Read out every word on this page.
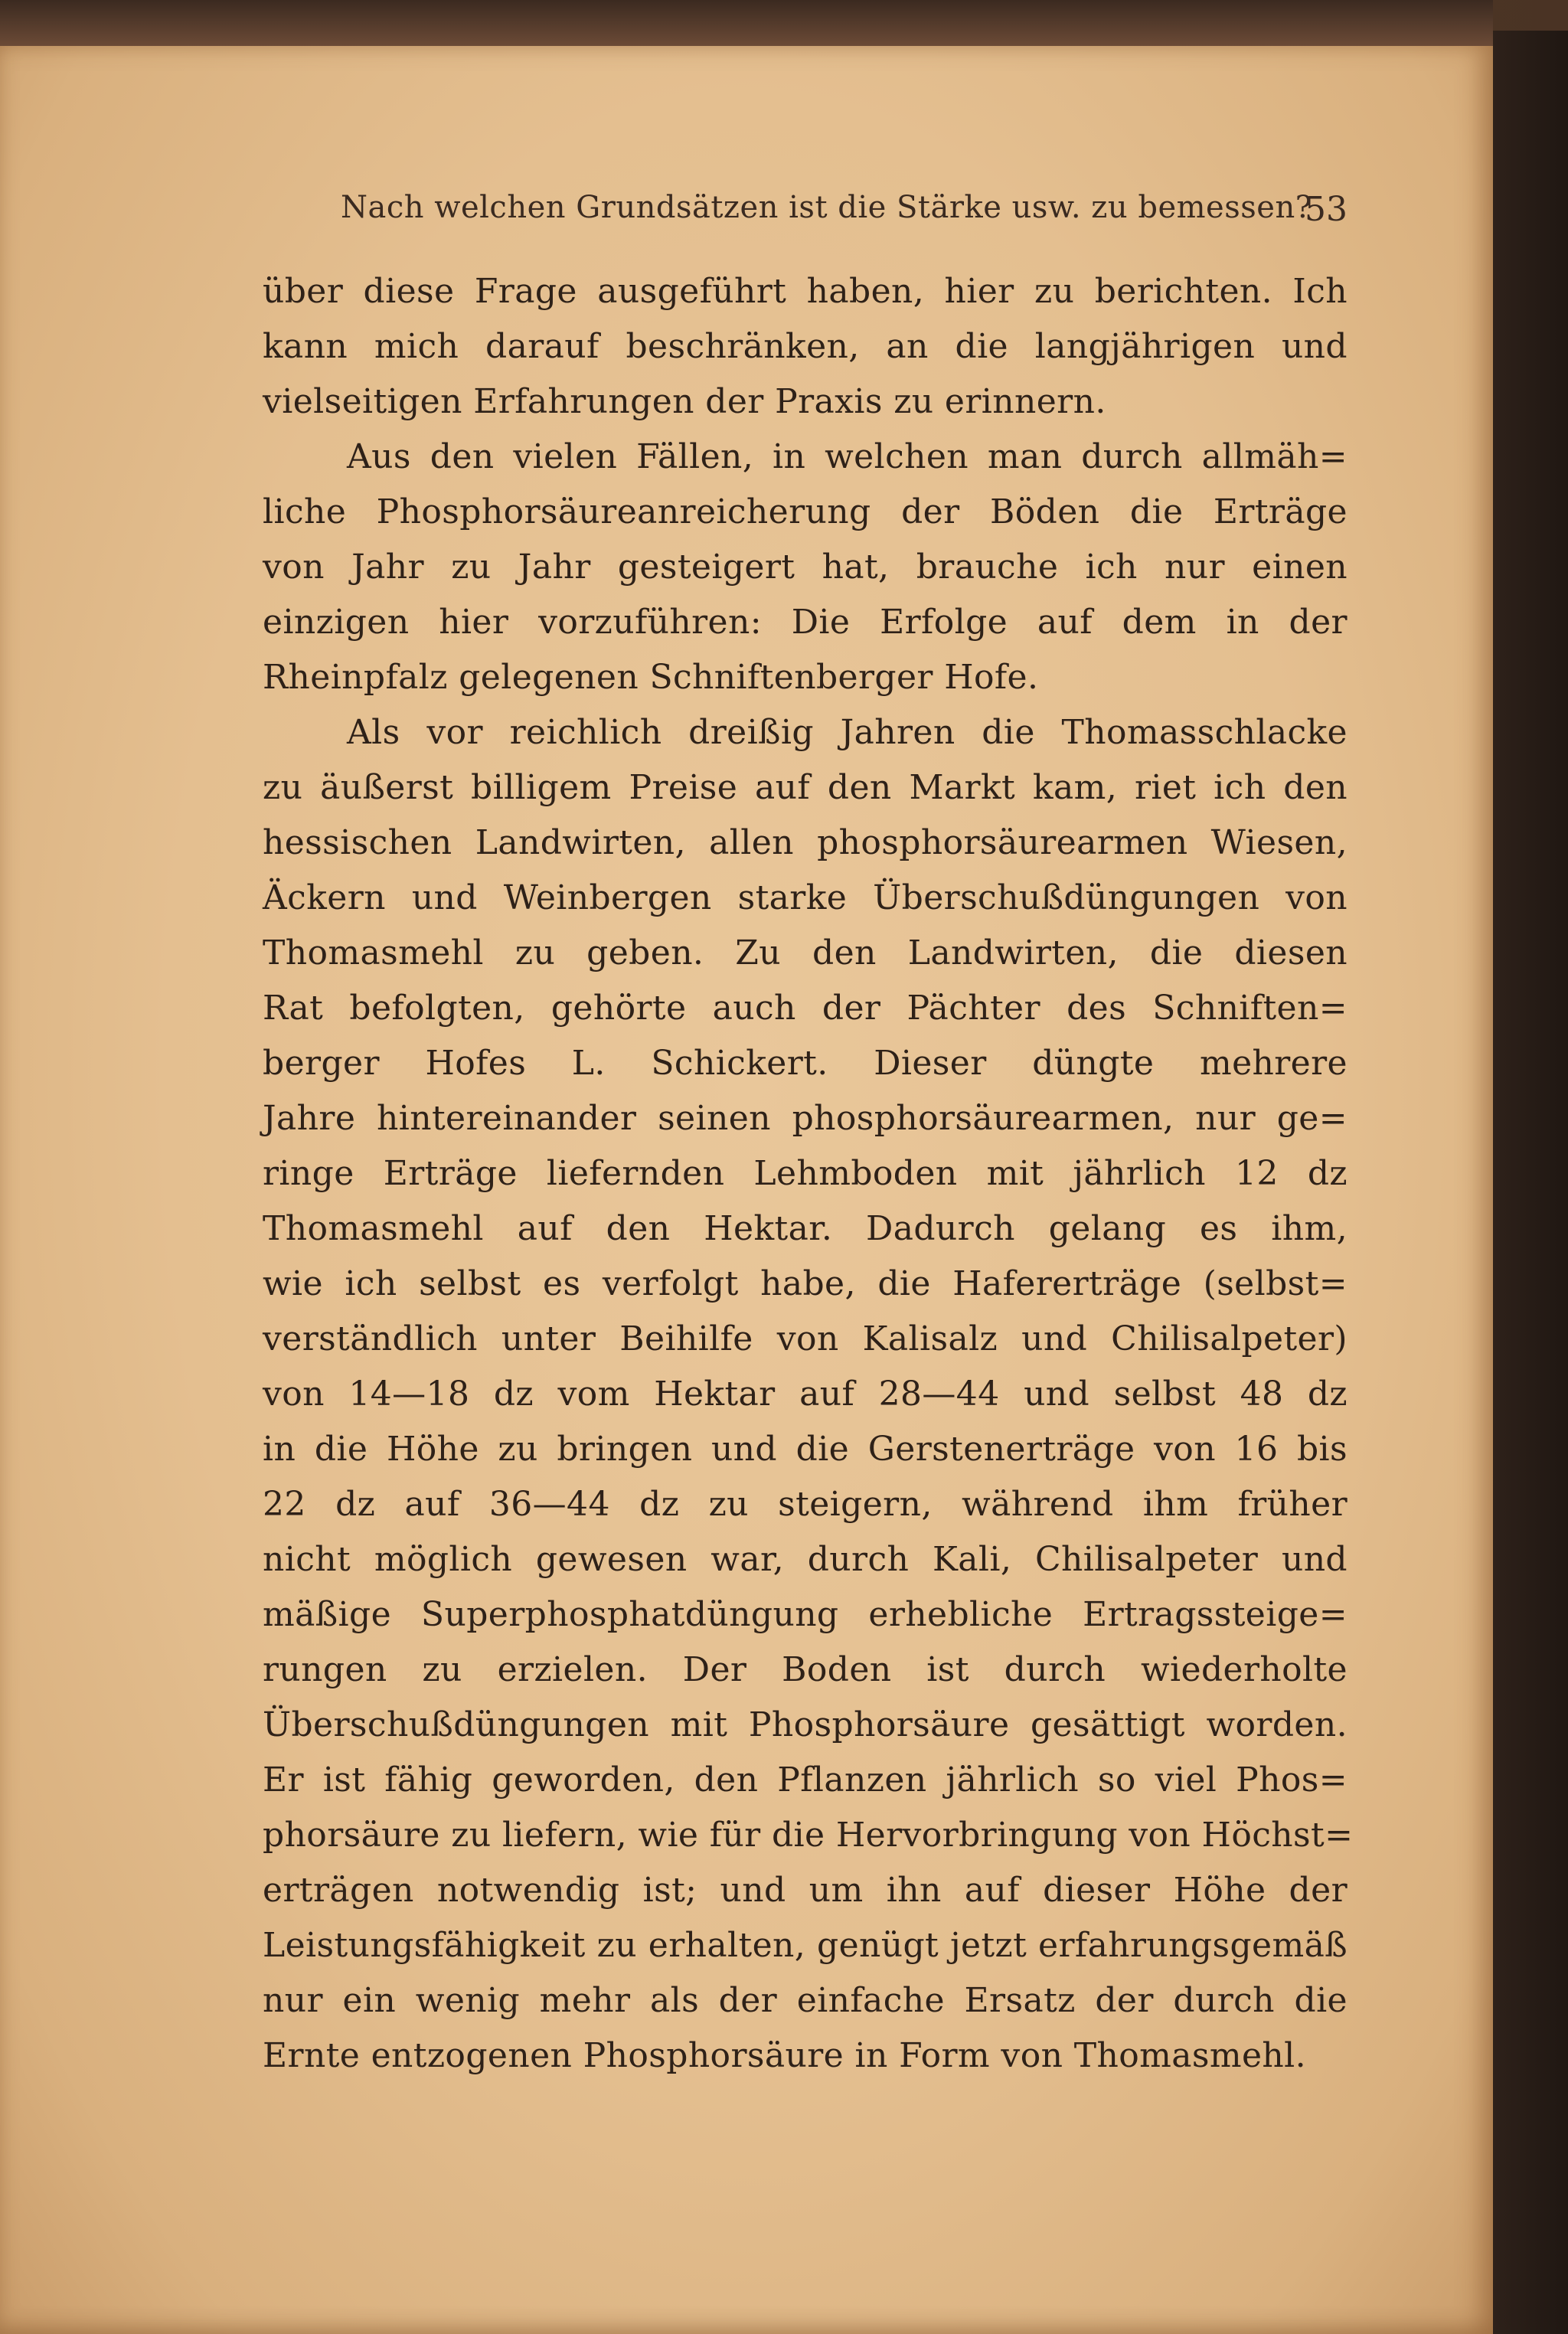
Nach welchen Grundsätzen ist die Stärke usw. zu bemessen?
53
über diese Frage ausgeführt haben, hier zu berichten. Ich
kann mich darauf beschränken, an die langjährigen und
vielseitigen Erfahrungen der Praxis zu erinnern.
Aus den vielen Fällen, in welchen man durch allmäh=
liche Phosphorsäureanreicherung der Böden die Erträge
von Jahr zu Jahr gesteigert hat, brauche ich nur einen
einzigen hier vorzuführen: Die Erfolge auf dem in der
Rheinpfalz gelegenen Schniftenberger Hofe.
Als vor reichlich dreißig Jahren die Thomasschlacke
zu äußerst billigem Preise auf den Markt kam, riet ich den
hessischen Landwirten, allen phosphorsäurearmen Wiesen,
Äckern und Weinbergen starke Überschußdüngungen von
Thomasmehl zu geben. Zu den Landwirten, die diesen
Rat befolgten, gehörte auch der Pächter des Schniften=
berger Hofes L. Schickert. Dieser düngte mehrere
Jahre hintereinander seinen phosphorsäurearmen, nur ge=
ringe Erträge liefernden Lehmboden mit jährlich 12 dz
Thomasmehl auf den Hektar. Dadurch gelang es ihm,
wie ich selbst es verfolgt habe, die Hafererträge (selbst=
verständlich unter Beihilfe von Kalisalz und Chilisalpeter)
von 14—18 dz vom Hektar auf 28—44 und selbst 48 dz
in die Höhe zu bringen und die Gerstenerträge von 16 bis
22 dz auf 36—44 dz zu steigern, während ihm früher
nicht möglich gewesen war, durch Kali, Chilisalpeter und
mäßige Superphosphatdüngung erhebliche Ertragssteige=
rungen zu erzielen. Der Boden ist durch wiederholte
Überschußdüngungen mit Phosphorsäure gesättigt worden.
Er ist fähig geworden, den Pflanzen jährlich so viel Phos=
phorsäure zu liefern, wie für die Hervorbringung von Höchst=
erträgen notwendig ist; und um ihn auf dieser Höhe der
Leistungsfähigkeit zu erhalten, genügt jetzt erfahrungsgemäß
nur ein wenig mehr als der einfache Ersatz der durch die
Ernte entzogenen Phosphorsäure in Form von Thomasmehl.
